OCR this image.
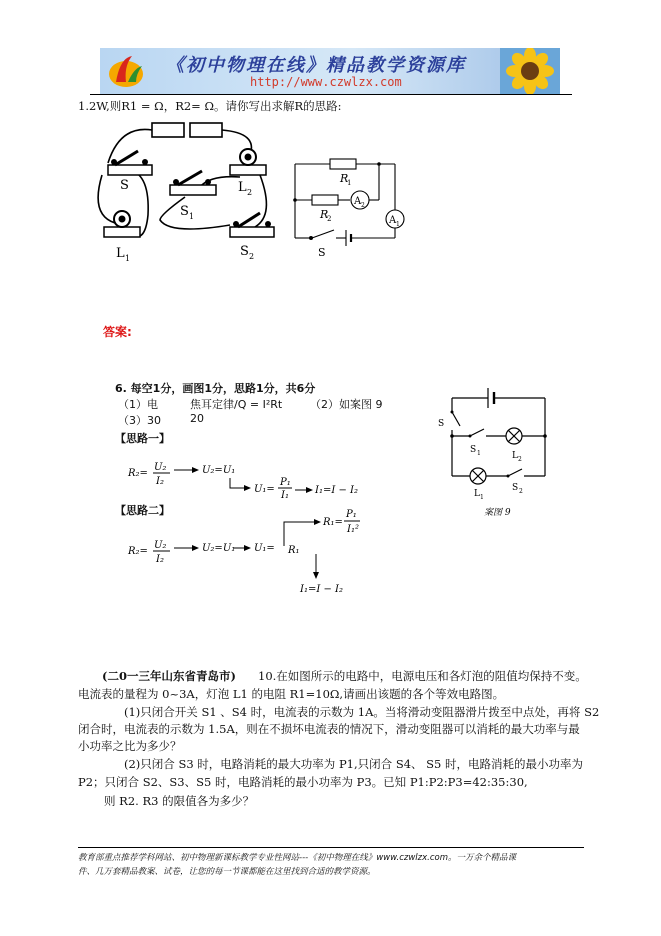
《初中物理在线》精品教学资源库
http://www.czwlzx.com
1.2W,则R1 = Ω，R2= Ω。请你写出求解R的思路:
S
S 1
L 2
L 1	S 2
R
1
R
2
A 2
A 1
S
答案:
6. 每空1分，画图1分，思路1分，共6分
（1）电	焦耳定律/Q = I²Rt	（2）如案图 9
（3）30	20
【思路一】
【思路二】
R₂=
U₂
I₂
U₂=U₁
U₁=
P₁
I₁	I₁=I − I₂
R₂=
U₂
I₂
U₂=U₁ U₁= R₁
R₁=
P₁
I₁²
I₁=I − I₂
S
S 1	L 2
L 1
S 2
案图 9
(二0一三年山东省青岛市) 10.在如图所示的电路中，电源电压和各灯泡的阻值均保持不变。
电流表的量程为 0~3A，灯泡 L1 的电阻 R1=10Ω,请画出该题的各个等效电路图。
(1)只闭合开关 S1 、S4 时，电流表的示数为 1A。当将滑动变阻器滑片拨至中点处，再将 S2
闭合时，电流表的示数为 1.5A，则在不损坏电流表的情况下，滑动变阻器可以消耗的最大功率与最
小功率之比为多少？
(2)只闭合 S3 时，电路消耗的最大功率为 P1,只闭合 S4、 S5 时，电路消耗的最小功率为
P2；只闭合 S2、S3、S5 时，电路消耗的最小功率为 P3。已知 P1:P2:P3=42:35:30,
则 R2. R3 的限值各为多少？
教育部重点推荐学科网站、初中物理新课标教学专业性网站---《初中物理在线》www.czwlzx.com。一万余个精品课
件、几万套精品教案、试卷，让您的每一节课都能在这里找到合适的教学资源。
